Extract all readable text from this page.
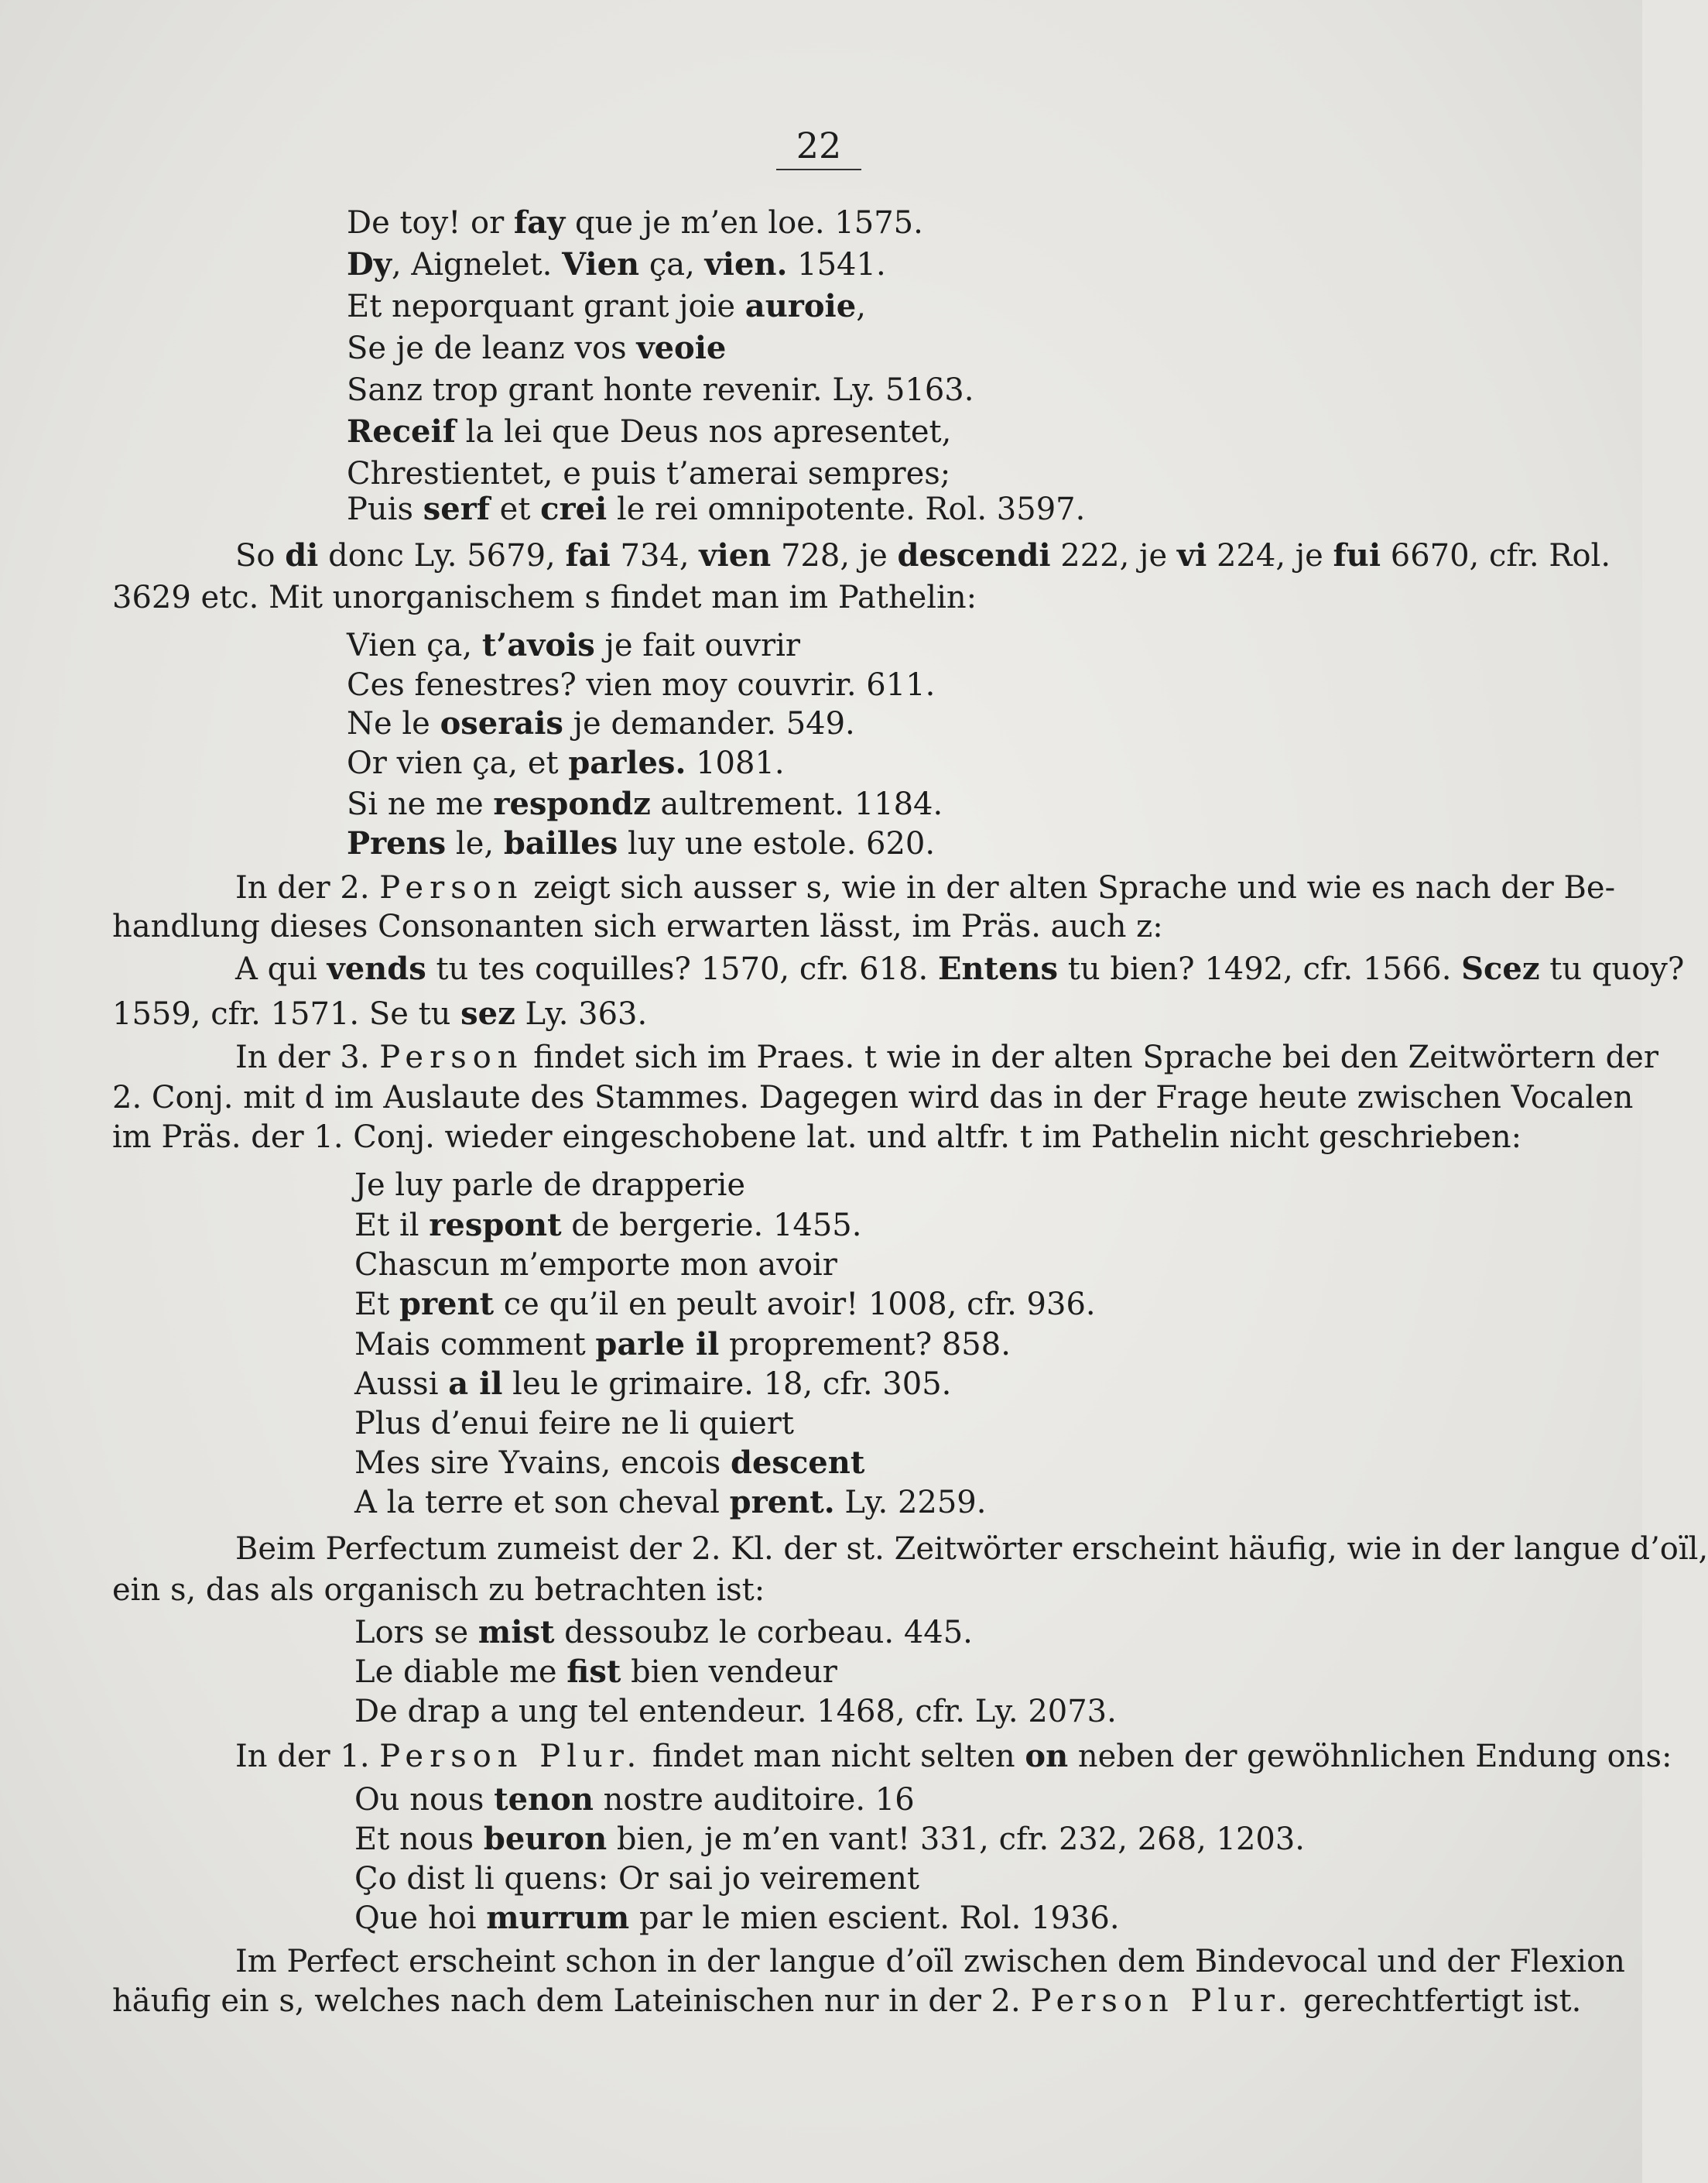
22
De toy! or fay que je m’en loe. 1575.
Dy, Aignelet. Vien ça, vien. 1541.
Et neporquant grant joie auroie,
Se je de leanz vos veoie
Sanz trop grant honte revenir. Ly. 5163.
Receif la lei que Deus nos apresentet,
Chrestientet, e puis t’amerai sempres;
Puis serf et crei le rei omnipotente. Rol. 3597.
So di donc Ly. 5679, fai 734, vien 728, je descendi 222, je vi 224, je fui 6670, cfr. Rol.
3629 etc. Mit unorganischem s findet man im Pathelin:
Vien ça, t’avois je fait ouvrir
Ces fenestres? vien moy couvrir. 611.
Ne le oserais je demander. 549.
Or vien ça, et parles. 1081.
Si ne me respondz aultrement. 1184.
Prens le, bailles luy une estole. 620.
In der 2. Person zeigt sich ausser s, wie in der alten Sprache und wie es nach der Be-
handlung dieses Consonanten sich erwarten lässt, im Präs. auch z:
A qui vends tu tes coquilles? 1570, cfr. 618. Entens tu bien? 1492, cfr. 1566. Scez tu quoy?
1559, cfr. 1571. Se tu sez Ly. 363.
In der 3. Person findet sich im Praes. t wie in der alten Sprache bei den Zeitwörtern der
2. Conj. mit d im Auslaute des Stammes. Dagegen wird das in der Frage heute zwischen Vocalen
im Präs. der 1. Conj. wieder eingeschobene lat. und altfr. t im Pathelin nicht geschrieben:
Je luy parle de drapperie
Et il respont de bergerie. 1455.
Chascun m’emporte mon avoir
Et prent ce qu’il en peult avoir! 1008, cfr. 936.
Mais comment parle il proprement? 858.
Aussi a il leu le grimaire. 18, cfr. 305.
Plus d’enui feire ne li quiert
Mes sire Yvains, encois descent
A la terre et son cheval prent. Ly. 2259.
Beim Perfectum zumeist der 2. Kl. der st. Zeitwörter erscheint häufig, wie in der langue d’oïl,
ein s, das als organisch zu betrachten ist:
Lors se mist dessoubz le corbeau. 445.
Le diable me fist bien vendeur
De drap a ung tel entendeur. 1468, cfr. Ly. 2073.
In der 1. Person Plur. findet man nicht selten on neben der gewöhnlichen Endung ons:
Ou nous tenon nostre auditoire. 16
Et nous beuron bien, je m’en vant! 331, cfr. 232, 268, 1203.
Ço dist li quens: Or sai jo veirement
Que hoi murrum par le mien escient. Rol. 1936.
Im Perfect erscheint schon in der langue d’oïl zwischen dem Bindevocal und der Flexion
häufig ein s, welches nach dem Lateinischen nur in der 2. Person Plur. gerechtfertigt ist.
